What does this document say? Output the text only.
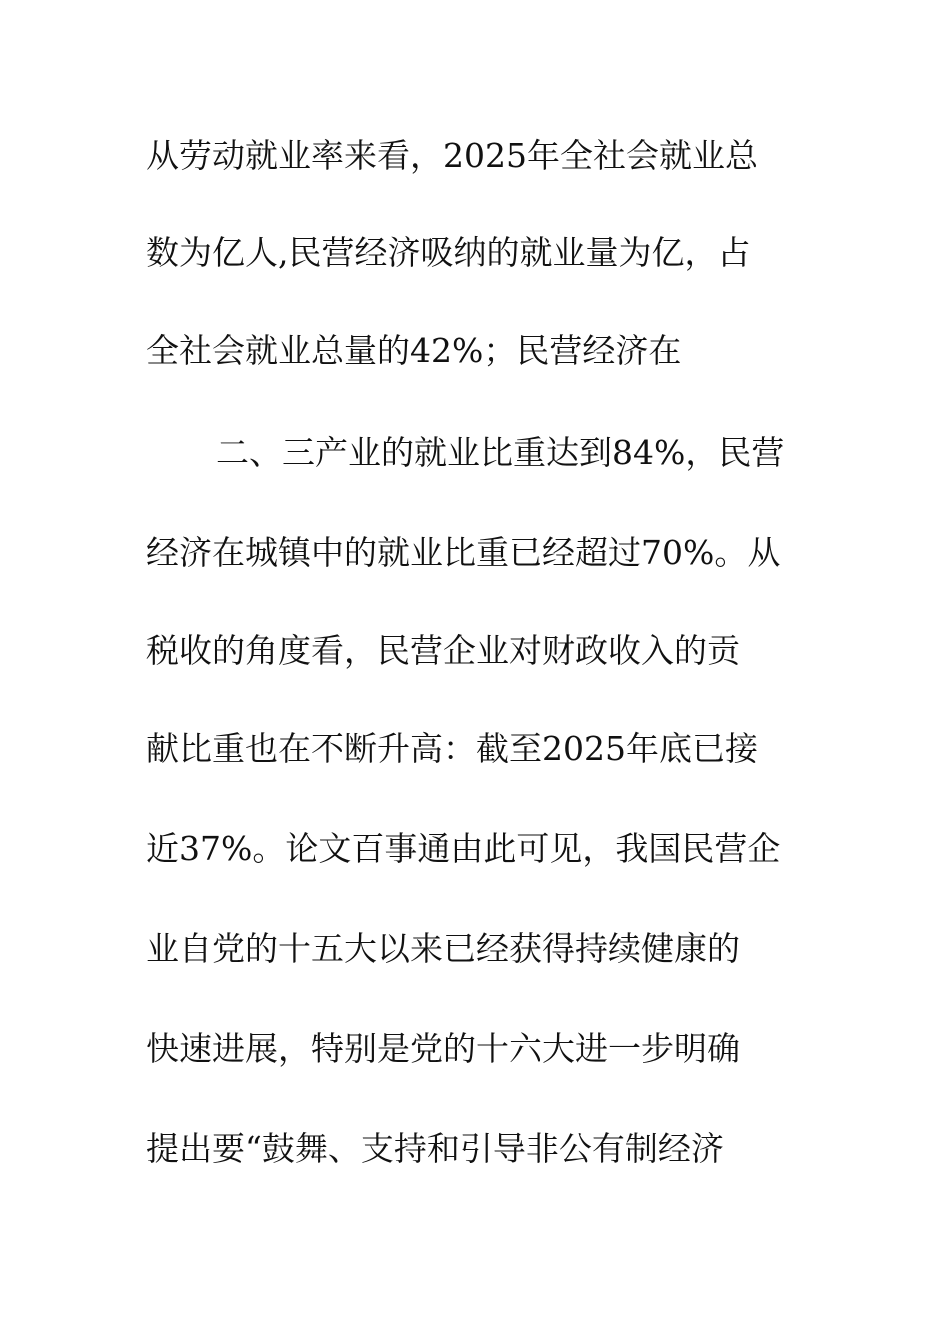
从劳动就业率来看，2025年全社会就业总
数为亿人,民营经济吸纳的就业量为亿，占
全社会就业总量的42%；民营经济在
二、三产业的就业比重达到84%，民营
经济在城镇中的就业比重已经超过70%。从
税收的角度看，民营企业对财政收入的贡
献比重也在不断升高：截至2025年底已接
近37%。论文百事通由此可见，我国民营企
业自党的十五大以来已经获得持续健康的
快速进展，特别是党的十六大进一步明确
提出要“鼓舞、支持和引导非公有制经济
